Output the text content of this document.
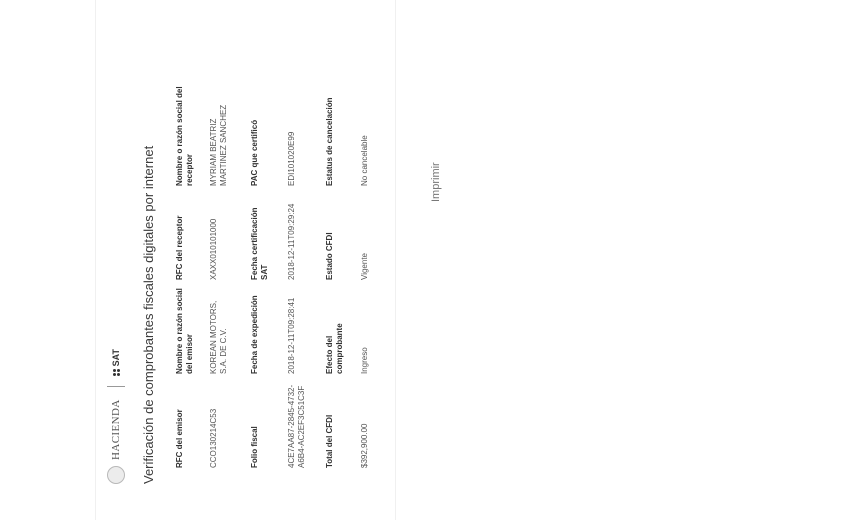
HACIENDA
SAT Verificación de comprobantes fiscales digitales por internet RFC del emisor
Nombre o razón social del emisor
RFC del receptor
Nombre o razón social del receptor
CCO130214C53
KOREAN MOTORS, S.A. DE C.V.
XAXX010101000
MYRIAM BEATRIZ MARTINEZ SANCHEZ
Folio fiscal
Fecha de expedición
Fecha certificación SAT
PAC que certificó
4CE7AA87-2845-4732-A6B4-AC2EF3C51C3F
2018-12-11T09:28:41
2018-12-11T09:29:24
EDI101020E99
Total del CFDI
Efecto del comprobante
Estado CFDI
Estatus de cancelación
$392,900.00
Ingreso
Vigente
No cancelable	Imprimir
